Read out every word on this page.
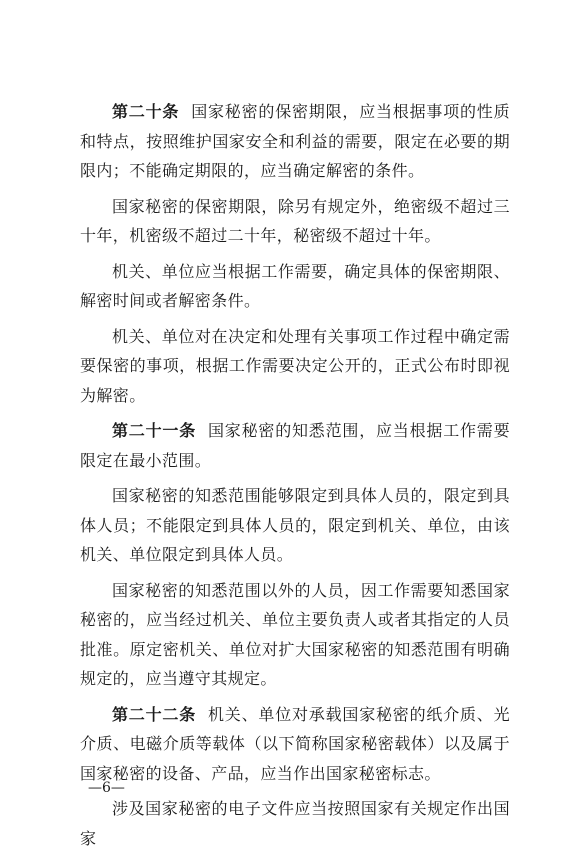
第二十条 国家秘密的保密期限，应当根据事项的性质和特点，按照维护国家安全和利益的需要，限定在必要的期限内；不能确定期限的，应当确定解密的条件。

国家秘密的保密期限，除另有规定外，绝密级不超过三十年，机密级不超过二十年，秘密级不超过十年。

机关、单位应当根据工作需要，确定具体的保密期限、解密时间或者解密条件。

机关、单位对在决定和处理有关事项工作过程中确定需要保密的事项，根据工作需要决定公开的，正式公布时即视为解密。

第二十一条 国家秘密的知悉范围，应当根据工作需要限定在最小范围。

国家秘密的知悉范围能够限定到具体人员的，限定到具体人员；不能限定到具体人员的，限定到机关、单位，由该机关、单位限定到具体人员。

国家秘密的知悉范围以外的人员，因工作需要知悉国家秘密的，应当经过机关、单位主要负责人或者其指定的人员批准。原定密机关、单位对扩大国家秘密的知悉范围有明确规定的，应当遵守其规定。

第二十二条 机关、单位对承载国家秘密的纸介质、光介质、电磁介质等载体（以下简称国家秘密载体）以及属于国家秘密的设备、产品，应当作出国家秘密标志。

涉及国家秘密的电子文件应当按照国家有关规定作出国家

—6—
